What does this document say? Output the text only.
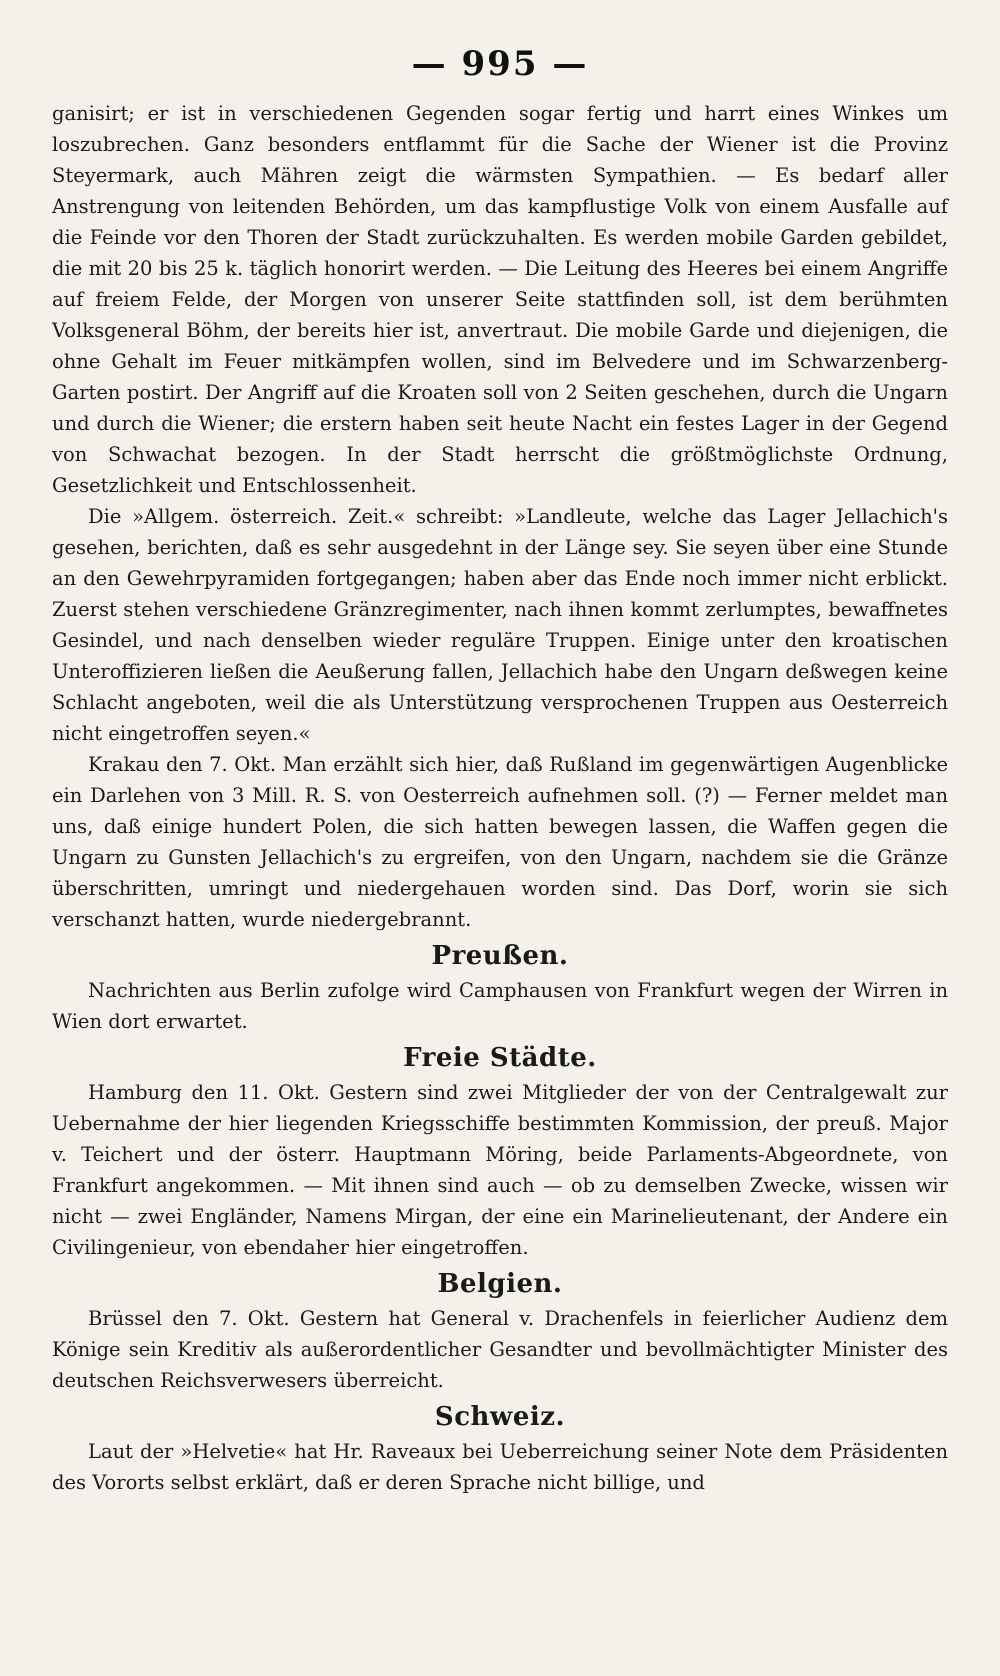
— 995 —

ganisirt; er ist in verschiedenen Gegenden sogar fertig und harrt eines Winkes um loszubrechen. Ganz besonders entflammt für die Sache der Wiener ist die Provinz Steyermark, auch Mähren zeigt die wärmsten Sympathien. — Es bedarf aller Anstrengung von leitenden Behörden, um das kampflustige Volk von einem Ausfalle auf die Feinde vor den Thoren der Stadt zurückzuhalten. Es werden mobile Garden gebildet, die mit 20 bis 25 k. täglich honorirt werden. — Die Leitung des Heeres bei einem Angriffe auf freiem Felde, der Morgen von unserer Seite stattfinden soll, ist dem berühmten Volksgeneral Böhm, der bereits hier ist, anvertraut. Die mobile Garde und diejenigen, die ohne Gehalt im Feuer mitkämpfen wollen, sind im Belvedere und im Schwarzenberg-Garten postirt. Der Angriff auf die Kroaten soll von 2 Seiten geschehen, durch die Ungarn und durch die Wiener; die erstern haben seit heute Nacht ein festes Lager in der Gegend von Schwachat bezogen. In der Stadt herrscht die größtmöglichste Ordnung, Gesetzlichkeit und Entschlossenheit.

Die »Allgem. österreich. Zeit.« schreibt: »Landleute, welche das Lager Jellachich's gesehen, berichten, daß es sehr ausgedehnt in der Länge sey. Sie seyen über eine Stunde an den Gewehrpyramiden fortgegangen; haben aber das Ende noch immer nicht erblickt. Zuerst stehen verschiedene Gränzregimenter, nach ihnen kommt zerlumptes, bewaffnetes Gesindel, und nach denselben wieder reguläre Truppen. Einige unter den kroatischen Unteroffizieren ließen die Aeußerung fallen, Jellachich habe den Ungarn deßwegen keine Schlacht angeboten, weil die als Unterstützung versprochenen Truppen aus Oesterreich nicht eingetroffen seyen.«

Krakau den 7. Okt. Man erzählt sich hier, daß Rußland im gegenwärtigen Augenblicke ein Darlehen von 3 Mill. R. S. von Oesterreich aufnehmen soll. (?) — Ferner meldet man uns, daß einige hundert Polen, die sich hatten bewegen lassen, die Waffen gegen die Ungarn zu Gunsten Jellachich's zu ergreifen, von den Ungarn, nachdem sie die Gränze überschritten, umringt und niedergehauen worden sind. Das Dorf, worin sie sich verschanzt hatten, wurde niedergebrannt.

Preußen.

Nachrichten aus Berlin zufolge wird Camphausen von Frankfurt wegen der Wirren in Wien dort erwartet.

Freie Städte.

Hamburg den 11. Okt. Gestern sind zwei Mitglieder der von der Centralgewalt zur Uebernahme der hier liegenden Kriegsschiffe bestimmten Kommission, der preuß. Major v. Teichert und der österr. Hauptmann Möring, beide Parlaments-Abgeordnete, von Frankfurt angekommen. — Mit ihnen sind auch — ob zu demselben Zwecke, wissen wir nicht — zwei Engländer, Namens Mirgan, der eine ein Marinelieutenant, der Andere ein Civilingenieur, von ebendaher hier eingetroffen.

Belgien.

Brüssel den 7. Okt. Gestern hat General v. Drachenfels in feierlicher Audienz dem Könige sein Kreditiv als außerordentlicher Gesandter und bevollmächtigter Minister des deutschen Reichsverwesers überreicht.

Schweiz.

Laut der »Helvetie« hat Hr. Raveaux bei Ueberreichung seiner Note dem Präsidenten des Vororts selbst erklärt, daß er deren Sprache nicht billige, und
